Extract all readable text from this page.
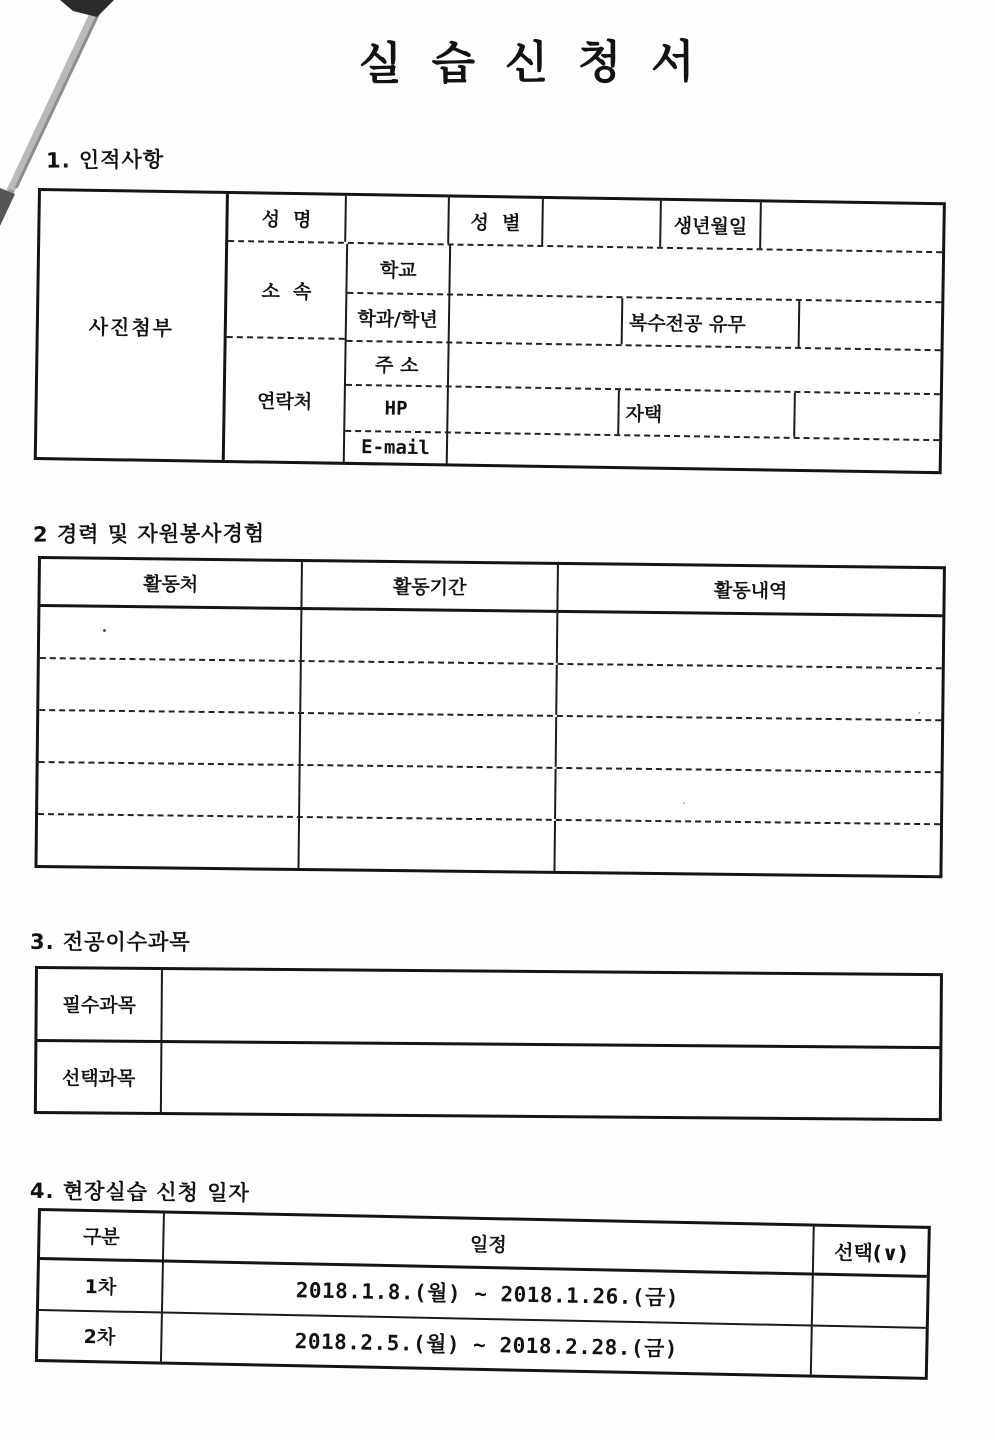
실 습 신 청 서
1. 인적사항
사진첨부
성  명	성  별	생년월일
소  속
연락처
학교
학과/학년	복수전공 유무
주 소
HP	자택
E-mail
2 경력 및 자원봉사경험
활동처	활동기간	활동내역
3. 전공이수과목
필수과목
선택과목
4. 현장실습 신청 일자
구분	일정	선택(∨)
1차	2018.1.8.(월) ~ 2018.1.26.(금)
2차	2018.2.5.(월) ~ 2018.2.28.(금)
